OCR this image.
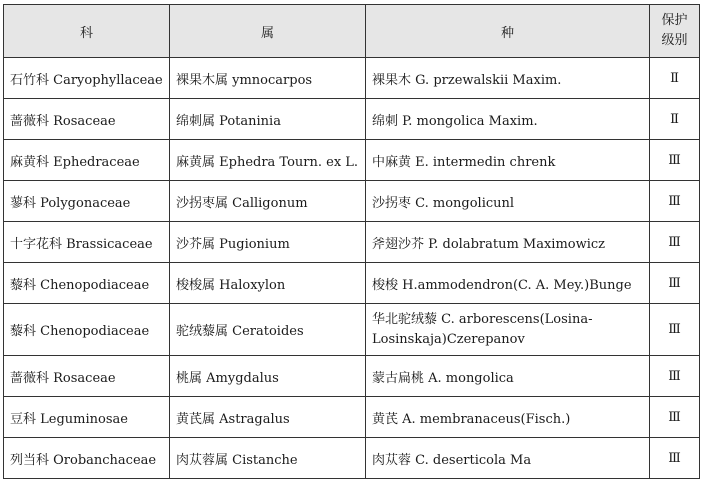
科	属	种	保护
级别
石竹科 Caryophyllaceae	裸果木属 ymnocarpos	裸果木 G. przewalskii Maxim.	Ⅱ
蔷薇科 Rosaceae	绵刺属 Potaninia	绵刺 P. mongolica Maxim.	Ⅱ
麻黄科 Ephedraceae	麻黄属 Ephedra Tourn. ex L.	中麻黄 E. intermedin chrenk	Ⅲ
蓼科 Polygonaceae	沙拐枣属 Calligonum	沙拐枣 C. mongolicunl	Ⅲ
十字花科 Brassicaceae	沙芥属 Pugionium	斧翅沙芥 P. dolabratum Maximowicz	Ⅲ
藜科 Chenopodiaceae	梭梭属 Haloxylon	梭梭 H.ammodendron(C. A. Mey.)Bunge	Ⅲ
藜科 Chenopodiaceae	驼绒藜属 Ceratoides	华北驼绒藜 C. arborescens(Losina-Losinskaja)Czerepanov	Ⅲ
蔷薇科 Rosaceae	桃属 Amygdalus	蒙古扁桃 A. mongolica	Ⅲ
豆科 Leguminosae	黄芪属 Astragalus	黄芪 A. membranaceus(Fisch.)	Ⅲ
列当科 Orobanchaceae	肉苁蓉属 Cistanche	肉苁蓉 C. deserticola Ma	Ⅲ
